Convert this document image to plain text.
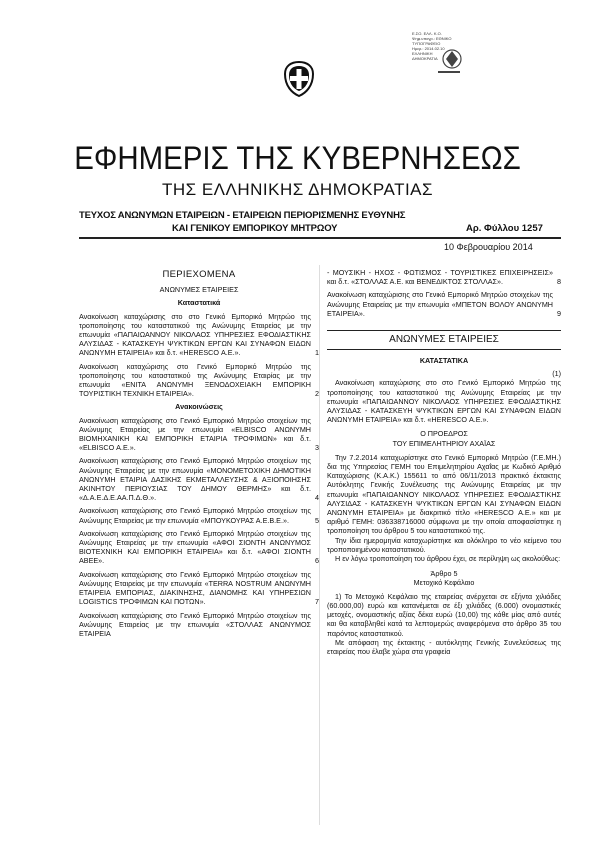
Ε.ΣΟ. ΕΛΛ. Κ.Ο.
Ψηφ.υπογρ.: ΕΘΝΙΚΟ
ΤΥΠΟΓΡΑΦΕΙΟ
Ημερ.: 2014.02.10
ΕΛΛΗΝΙΚΗ
ΔΗΜΟΚΡΑΤΙΑ
ΕΦΗΜΕΡΙΣ ΤΗΣ ΚΥΒΕΡΝΗΣΕΩΣ
ΤΗΣ ΕΛΛΗΝΙΚΗΣ ΔΗΜΟΚΡΑΤΙΑΣ
ΤΕΥΧΟΣ ΑΝΩΝΥΜΩΝ ΕΤΑΙΡΕΙΩΝ - ΕΤΑΙΡΕΙΩΝ ΠΕΡΙΟΡΙΣΜΕΝΗΣ ΕΥΘΥΝΗΣ
ΚΑΙ ΓΕΝΙΚΟΥ ΕΜΠΟΡΙΚΟΥ ΜΗΤΡΩΟΥ	Αρ. Φύλλου 1257
10 Φεβρουαρίου 2014
ΠΕΡΙΕΧΟΜΕΝΑ
ΑΝΩΝΥΜΕΣ ΕΤΑΙΡΕΙΕΣ
Καταστατικά
Ανακοίνωση καταχώρισης στο στο Γενικό Εμπορικό Μητρώο της τροποποίησης του καταστατικού της Ανώνυμης Εταιρείας με την επωνυμία «ΠΑΠΑΙΩΑΝΝΟΥ ΝΙΚΟΛΑΟΣ ΥΠΗΡΕΣΙΕΣ ΕΦΟΔΙΑΣΤΙΚΗΣ ΑΛΥΣΙΔΑΣ - ΚΑΤΑΣΚΕΥΗ ΨΥΚΤΙΚΩΝ ΕΡΓΩΝ ΚΑΙ ΣΥΝΑΦΩΝ ΕΙΔΩΝ ΑΝΩΝΥΜΗ ΕΤΑΙΡΕΙΑ» και δ.τ. «HERESCO Α.Ε.».	1
Ανακοίνωση καταχώρισης στο Γενικό Εμπορικό Μητρώο της τροποποίησης του καταστατικού της Ανώνυμης Εταιρίας με την επωνυμία «ΕΝΙΤΑ ΑΝΩΝΥΜΗ ΞΕΝΟΔΟΧΕΙΑΚΗ ΕΜΠΟΡΙΚΗ ΤΟΥΡΙΣΤΙΚΗ ΤΕΧΝΙΚΗ ΕΤΑΙΡΕΙΑ».	2
Ανακοινώσεις
Ανακοίνωση καταχώρισης στο Γενικό Εμπορικό Μητρώο στοιχείων της Ανώνυμης Εταιρείας με την επωνυμία «ELBISCO ΑΝΩΝΥΜΗ ΒΙΟΜΗΧΑΝΙΚΗ ΚΑΙ ΕΜΠΟΡΙΚΗ ΕΤΑΙΡΙΑ ΤΡΟΦΙΜΩΝ» και δ.τ. «ELBISCO Α.Ε.».	3
Ανακοίνωση καταχώρισης στο Γενικό Εμπορικό Μητρώο στοιχείων της Ανώνυμης Εταιρείας με την επωνυμία «ΜΟΝΟΜΕΤΟΧΙΚΗ ΔΗΜΟΤΙΚΗ ΑΝΩΝΥΜΗ ΕΤΑΙΡΙΑ ΔΑΣΙΚΗΣ ΕΚΜΕΤΑΛΛΕΥΣΗΣ & ΑΞΙΟΠΟΙΗΣΗΣ ΑΚΙΝΗΤΟΥ ΠΕΡΙΟΥΣΙΑΣ ΤΟΥ ΔΗΜΟΥ ΘΕΡΜΗΣ» και δ.τ. «Δ.Α.Ε.Δ.Ε.ΑΑ.Π.Δ.Θ.».	4
Ανακοίνωση καταχώρισης στο Γενικό Εμπορικό Μητρώο στοιχείων της Ανώνυμης Εταιρείας με την επωνυμία «ΜΠΟΥΚΟΥΡΑΣ Α.Ε.Β.Ε.».	5
Ανακοίνωση καταχώρισης στο Γενικό Εμπορικό Μητρώο στοιχείων της Ανώνυμης Εταιρείας με την επωνυμία «ΑΦΟΙ ΣΙΟΝΤΗ ΑΝΩΝΥΜΟΣ ΒΙΟΤΕΧΝΙΚΗ ΚΑΙ ΕΜΠΟΡΙΚΗ ΕΤΑΙΡΕΙΑ» και δ.τ. «ΑΦΟΙ ΣΙΟΝΤΗ ΑΒΕΕ».	6
Ανακοίνωση καταχώρισης στο Γενικό Εμπορικό Μητρώο στοιχείων της Ανώνυμης Εταιρείας με την επωνυμία «TERRA NOSTRUM ΑΝΩΝΥΜΗ ΕΤΑΙΡΕΙΑ ΕΜΠΟΡΙΑΣ, ΔΙΑΚΙΝΗΣΗΣ, ΔΙΑΝΟΜΗΣ ΚΑΙ ΥΠΗΡΕΣΙΩΝ LOGISTICS ΤΡΟΦΙΜΩΝ ΚΑΙ ΠΟΤΩΝ».	7
Ανακοίνωση καταχώρισης στο Γενικό Εμπορικό Μητρώο στοιχείων της Ανώνυμης Εταιρείας με την επωνυμία «ΣΤΟΛΛΑΣ ΑΝΩΝΥΜΟΣ ΕΤΑΙΡΕΙΑ
- ΜΟΥΣΙΚΗ - ΗΧΟΣ - ΦΩΤΙΣΜΟΣ - ΤΟΥΡΙΣΤΙΚΕΣ ΕΠΙΧΕΙΡΗΣΕΙΣ» και δ.τ. «ΣΤΟΛΛΑΣ Α.Ε. και ΒΕΝΕΔΙΚΤΟΣ ΣΤΟΛΛΑΣ».	8
Ανακοίνωση καταχώρισης στο Γενικό Εμπορικό Μητρώο στοιχείων της Ανώνυμης Εταιρείας με την επωνυμία «ΜΠΕΤΟΝ ΒΟΛΟΥ ΑΝΩΝΥΜΗ ΕΤΑΙΡΕΙΑ».	9
ΑΝΩΝΥΜΕΣ ΕΤΑΙΡΕΙΕΣ
ΚΑΤΑΣΤΑΤΙΚΑ
(1)

Ανακοίνωση καταχώρισης στο στο Γενικό Εμπορικό Μητρώο της τροποποίησης του καταστατικού της Ανώνυμης Εταιρείας με την επωνυμία «ΠΑΠΑΙΩΑΝΝΟΥ ΝΙΚΟΛΑΟΣ ΥΠΗΡΕΣΙΕΣ ΕΦΟΔΙΑΣΤΙΚΗΣ ΑΛΥΣΙΔΑΣ - ΚΑΤΑΣΚΕΥΗ ΨΥΚΤΙΚΩΝ ΕΡΓΩΝ ΚΑΙ ΣΥΝΑΦΩΝ ΕΙΔΩΝ ΑΝΩΝΥΜΗ ΕΤΑΙΡΕΙΑ» και δ.τ. «HERESCO Α.Ε.».

Ο ΠΡΟΕΔΡΟΣ
ΤΟΥ ΕΠΙΜΕΛΗΤΗΡΙΟΥ ΑΧΑΪΑΣ

Την 7.2.2014 καταχωρίστηκε στο Γενικό Εμπορικό Μητρώο (Γ.Ε.ΜΗ.) δια της Υπηρεσίας ΓΕΜΗ του Επιμελητηρίου Αχαΐας με Κωδικό Αριθμό Καταχώρισης (Κ.Α.Κ.) 155611 το από 06/11/2013 πρακτικό έκτακτης Αυτόκλητης Γενικής Συνέλευσης της Ανώνυμης Εταιρείας με την επωνυμία «ΠΑΠΑΙΩΑΝΝΟΥ ΝΙΚΟΛΑΟΣ ΥΠΗΡΕΣΙΕΣ ΕΦΟΔΙΑΣΤΙΚΗΣ ΑΛΥΣΙΔΑΣ - ΚΑΤΑΣΚΕΥΗ ΨΥΚΤΙΚΩΝ ΕΡΓΩΝ ΚΑΙ ΣΥΝΑΦΩΝ ΕΙΔΩΝ ΑΝΩΝΥΜΗ ΕΤΑΙΡΕΙΑ» με διακριτικό τίτλο «HERESCO Α.Ε.» και με αριθμό ΓΕΜΗ: 036338716000 σύμφωνα με την οποία αποφασίστηκε η τροποποίηση του άρθρου 5 του καταστατικού της.

Την ίδια ημερομηνία καταχωρίστηκε και ολόκληρο το νέο κείμενο του τροποποιημένου καταστατικού.

Η εν λόγω τροποποίηση του άρθρου έχει, σε περίληψη ως ακολούθως:

Άρθρο 5
Μετοχικό Κεφάλαιο

1) Το Μετοχικό Κεφάλαιο της εταιρείας ανέρχεται σε εξήντα χιλιάδες (60.000,00) ευρώ και κατανέμεται σε έξι χιλιάδες (6.000) ονομαστικές μετοχές, ονομαστικής αξίας δέκα ευρώ (10,00) της κάθε μίας από αυτές και θα καταβληθεί κατά τα λεπτομερώς αναφερόμενα στο άρθρο 35 του παρόντος καταστατικού.

Με απόφαση της έκτακτης - αυτόκλητης Γενικής Συνελεύσεως της εταιρείας που έλαβε χώρα στα γραφεία
